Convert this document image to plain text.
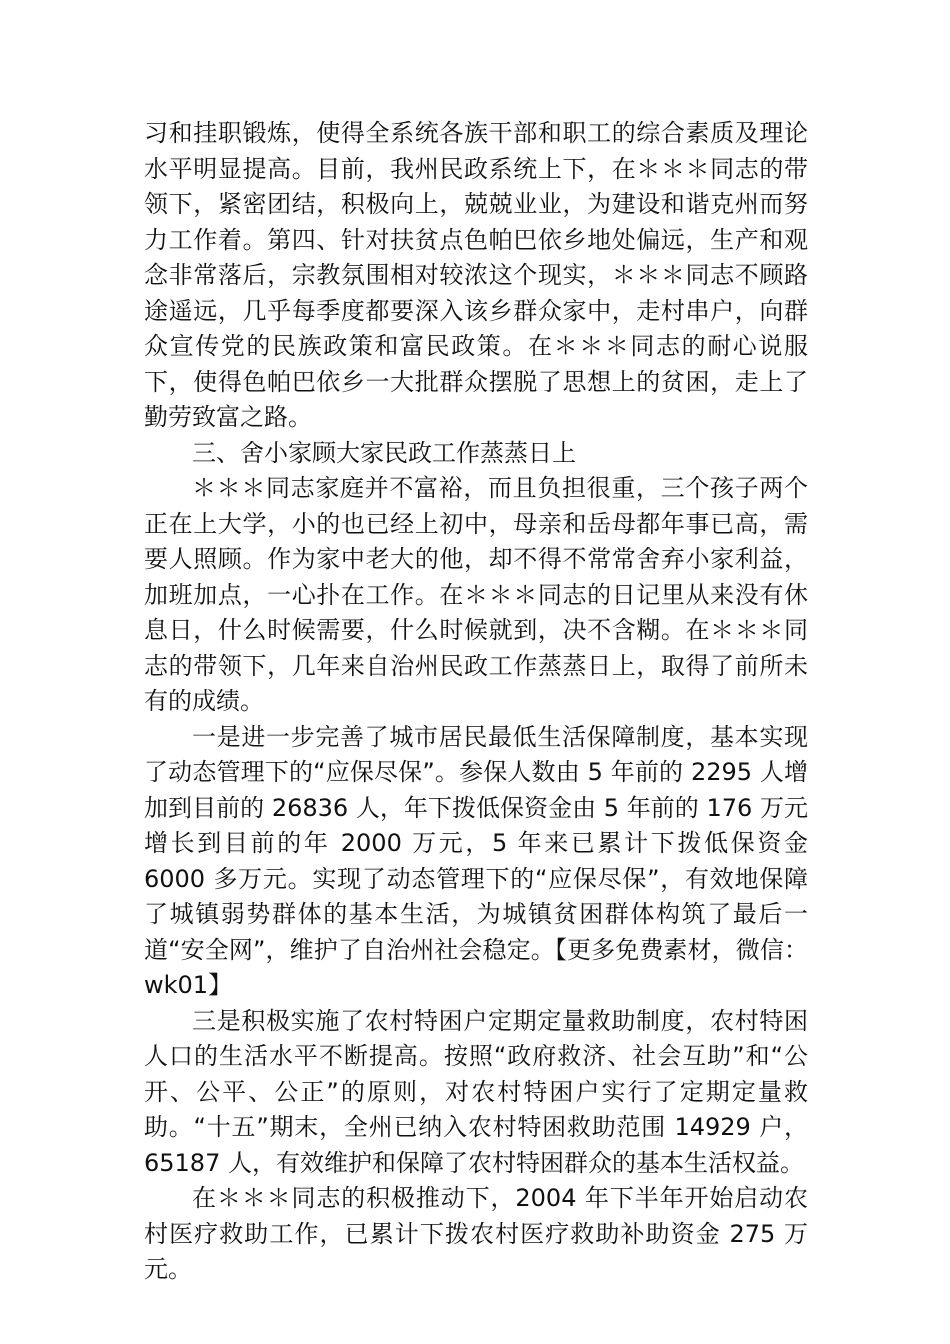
习和挂职锻炼，使得全系统各族干部和职工的综合素质及理论水平明显提高。目前，我州民政系统上下，在＊＊＊同志的带领下，紧密团结，积极向上，兢兢业业，为建设和谐克州而努力工作着。第四、针对扶贫点色帕巴依乡地处偏远，生产和观念非常落后，宗教氛围相对较浓这个现实，＊＊＊同志不顾路途遥远，几乎每季度都要深入该乡群众家中，走村串户，向群众宣传党的民族政策和富民政策。在＊＊＊同志的耐心说服下，使得色帕巴依乡一大批群众摆脱了思想上的贫困，走上了勤劳致富之路。

三、舍小家顾大家民政工作蒸蒸日上

＊＊＊同志家庭并不富裕，而且负担很重，三个孩子两个正在上大学，小的也已经上初中，母亲和岳母都年事已高，需要人照顾。作为家中老大的他，却不得不常常舍弃小家利益，加班加点，一心扑在工作。在＊＊＊同志的日记里从来没有休息日，什么时候需要，什么时候就到，决不含糊。在＊＊＊同志的带领下，几年来自治州民政工作蒸蒸日上，取得了前所未有的成绩。

一是进一步完善了城市居民最低生活保障制度，基本实现了动态管理下的“应保尽保”。参保人数由 5 年前的 2295 人增加到目前的 26836 人，年下拨低保资金由 5 年前的 176 万元增长到目前的年 2000 万元，5 年来已累计下拨低保资金 6000 多万元。实现了动态管理下的“应保尽保”，有效地保障了城镇弱势群体的基本生活，为城镇贫困群体构筑了最后一道“安全网”，维护了自治州社会稳定。【更多免费素材，微信：wk01】

三是积极实施了农村特困户定期定量救助制度，农村特困人口的生活水平不断提高。按照“政府救济、社会互助”和“公开、公平、公正”的原则，对农村特困户实行了定期定量救助。“十五”期末，全州已纳入农村特困救助范围 14929 户，65187 人，有效维护和保障了农村特困群众的基本生活权益。

在＊＊＊同志的积极推动下，2004 年下半年开始启动农村医疗救助工作，已累计下拨农村医疗救助补助资金 275 万元。
